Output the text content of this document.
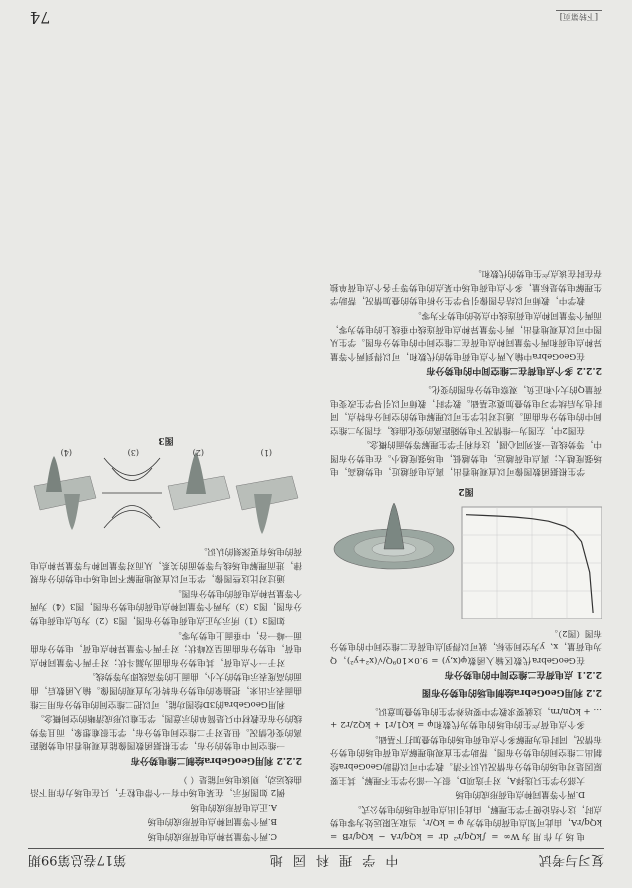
复习与考试
中 学 理 科 园 地
第17卷总第99期

电场力作用为W∞ = ∫kQq/r² dr = kQq/rA − kQq/rB = kQq/rA，由此可知点电荷的电势为 φ = kQ/r，当取无限远处为零电势点时，这个结论便于学生理解，由此引出点电荷电场的电势公式。

D.两个等量同种点电荷形成的电场

大部分学生只选择A，对于选项D，很大一部分学生不理解，其主要原因是对电场的电势分布情况认识不清。教学中可以借助GeoGebra绘制出二维空间的电势分布图，帮助学生直观地理解点电荷电场的电势分布情况，同时也为理解多个点电荷电场的电势叠加打下基础。

多个点电荷产生的电场的电势为代数和φ = kQ1/r1 + kQ2/r2 + … + kQn/rn，这就要求教学中要培养学生的电势叠加意识。

2.2 利用GeoGebra绘制电场的电势分布图
2.2.1 点电荷在二维空间中的电势分布

在GeoGebra代数区输入函数φ(x,y) = 9.0×10⁹Q/√(x²+y²)，Q为电荷量，x、y为空间坐标，就可以得到点电荷在二维空间中的电势分布图（图2）。

图2

学生根据函数图像可以直观地看出，离点电荷越近，电势越高，电场强度越大；离点电荷越远，电势越低，电场强度越小。在电势分布图中，等势线是一系列同心圆，这有利于学生理解等势面的概念。

在图2中，左图为一维情况下电势随距离的变化曲线，右图为二维空间中的电势分布曲面。通过对比学生可以理解电势的空间分布特点，同时也为后续学习电势叠加奠定基础。教学时，教师可以引导学生改变电荷量Q的大小和正负，观察电势分布图的变化。

2.2.2 多个点电荷在二维空间中的电势分布

在GeoGebra中输入两个点电荷电势的代数和，可以得到两个等量异种点电荷和两个等量同种点电荷在二维空间中的电势分布图。学生从图中可以直观地看出，两个等量异种点电荷连线中垂线上的电势为零，而两个等量同种点电荷连线中点处的电势不为零。

教学中，教师可以结合图像引导学生分析电势的叠加情况，帮助学生理解电势是标量，多个点电荷电场中某点的电势等于各个点电荷单独存在时在该点产生电势的代数和。

C.两个等量异种点电荷形成的电场

B.两个等量同种点电荷形成的电场

A.正点电荷形成的电场

例2 如图所示，在某电场中有一个带电粒子，只在电场力作用下沿曲线运动，则该电场可能是（ ）

2.2.2 利用GeoGebra绘制二维电势分布

一维空间中电势的分布，学生根据函数图像能直观地看出电势随距离的变化情况。但是对于二维空间电势分布，学生很难想象，而且等势线的分布在教材中只是简单的示意图，学生难以形成清晰的空间概念。

利用GeoGebra的3D绘图功能，可以把二维空间的电势分布用三维曲面表示出来，把抽象的电势分布转化为直观的图像。输入函数后，曲面的高度表示电势的大小，曲面上的等高线即为等势线。

对于一个点电荷，其电势分布曲面为漏斗状；对于两个等量同种点电荷，电势分布曲面呈双峰状；对于两个等量异种点电荷，电势分布曲面一峰一谷，中垂面上电势为零。

如图3（1）所示为正点电荷电势分布图，图3（2）为负点电荷电势分布图，图3（3）为两个等量同种点电荷的电势分布图，图3（4）为两个等量异种点电荷的电势分布图。

通过对比这些图像，学生可以直观地理解不同电场中电势的分布规律，进而理解电场线与等势面的关系，从而对等量同种与等量异种点电荷的电场有更深刻的认识。

(1)
(2)
(3)
(4)
图3
[下转第页]
74
